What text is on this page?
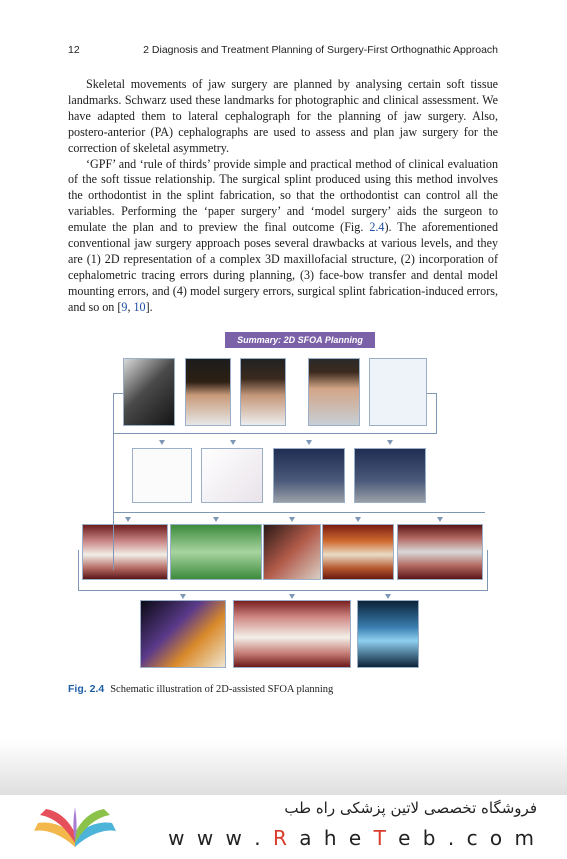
12	2 Diagnosis and Treatment Planning of Surgery-First Orthognathic Approach

Skeletal movements of jaw surgery are planned by analysing certain soft tissue landmarks. Schwarz used these landmarks for photographic and clinical assessment. We have adapted them to lateral cephalograph for the planning of jaw surgery. Also, postero-anterior (PA) cephalographs are used to assess and plan jaw surgery for the correction of skeletal asymmetry.

‘GPF’ and ‘rule of thirds’ provide simple and practical method of clinical evaluation of the soft tissue relationship. The surgical splint produced using this method involves the orthodontist in the splint fabrication, so that the orthodontist can control all the variables. Performing the ‘paper surgery’ and ‘model surgery’ aids the surgeon to emulate the plan and to preview the final outcome (Fig. 2.4). The aforementioned conventional jaw surgery approach poses several drawbacks at various levels, and they are (1) 2D representation of a complex 3D maxillofacial structure, (2) incorporation of cephalometric tracing errors during planning, (3) face-bow transfer and dental model mounting errors, and (4) model surgery errors, surgical splint fabrication-induced errors, and so on [9, 10].

Summary: 2D SFOA Planning
Fig. 2.4 Schematic illustration of 2D-assisted SFOA planning
فروشگاه تخصصی لاتین پزشکی راه طب
w w w . R a h e T e b . c o m
